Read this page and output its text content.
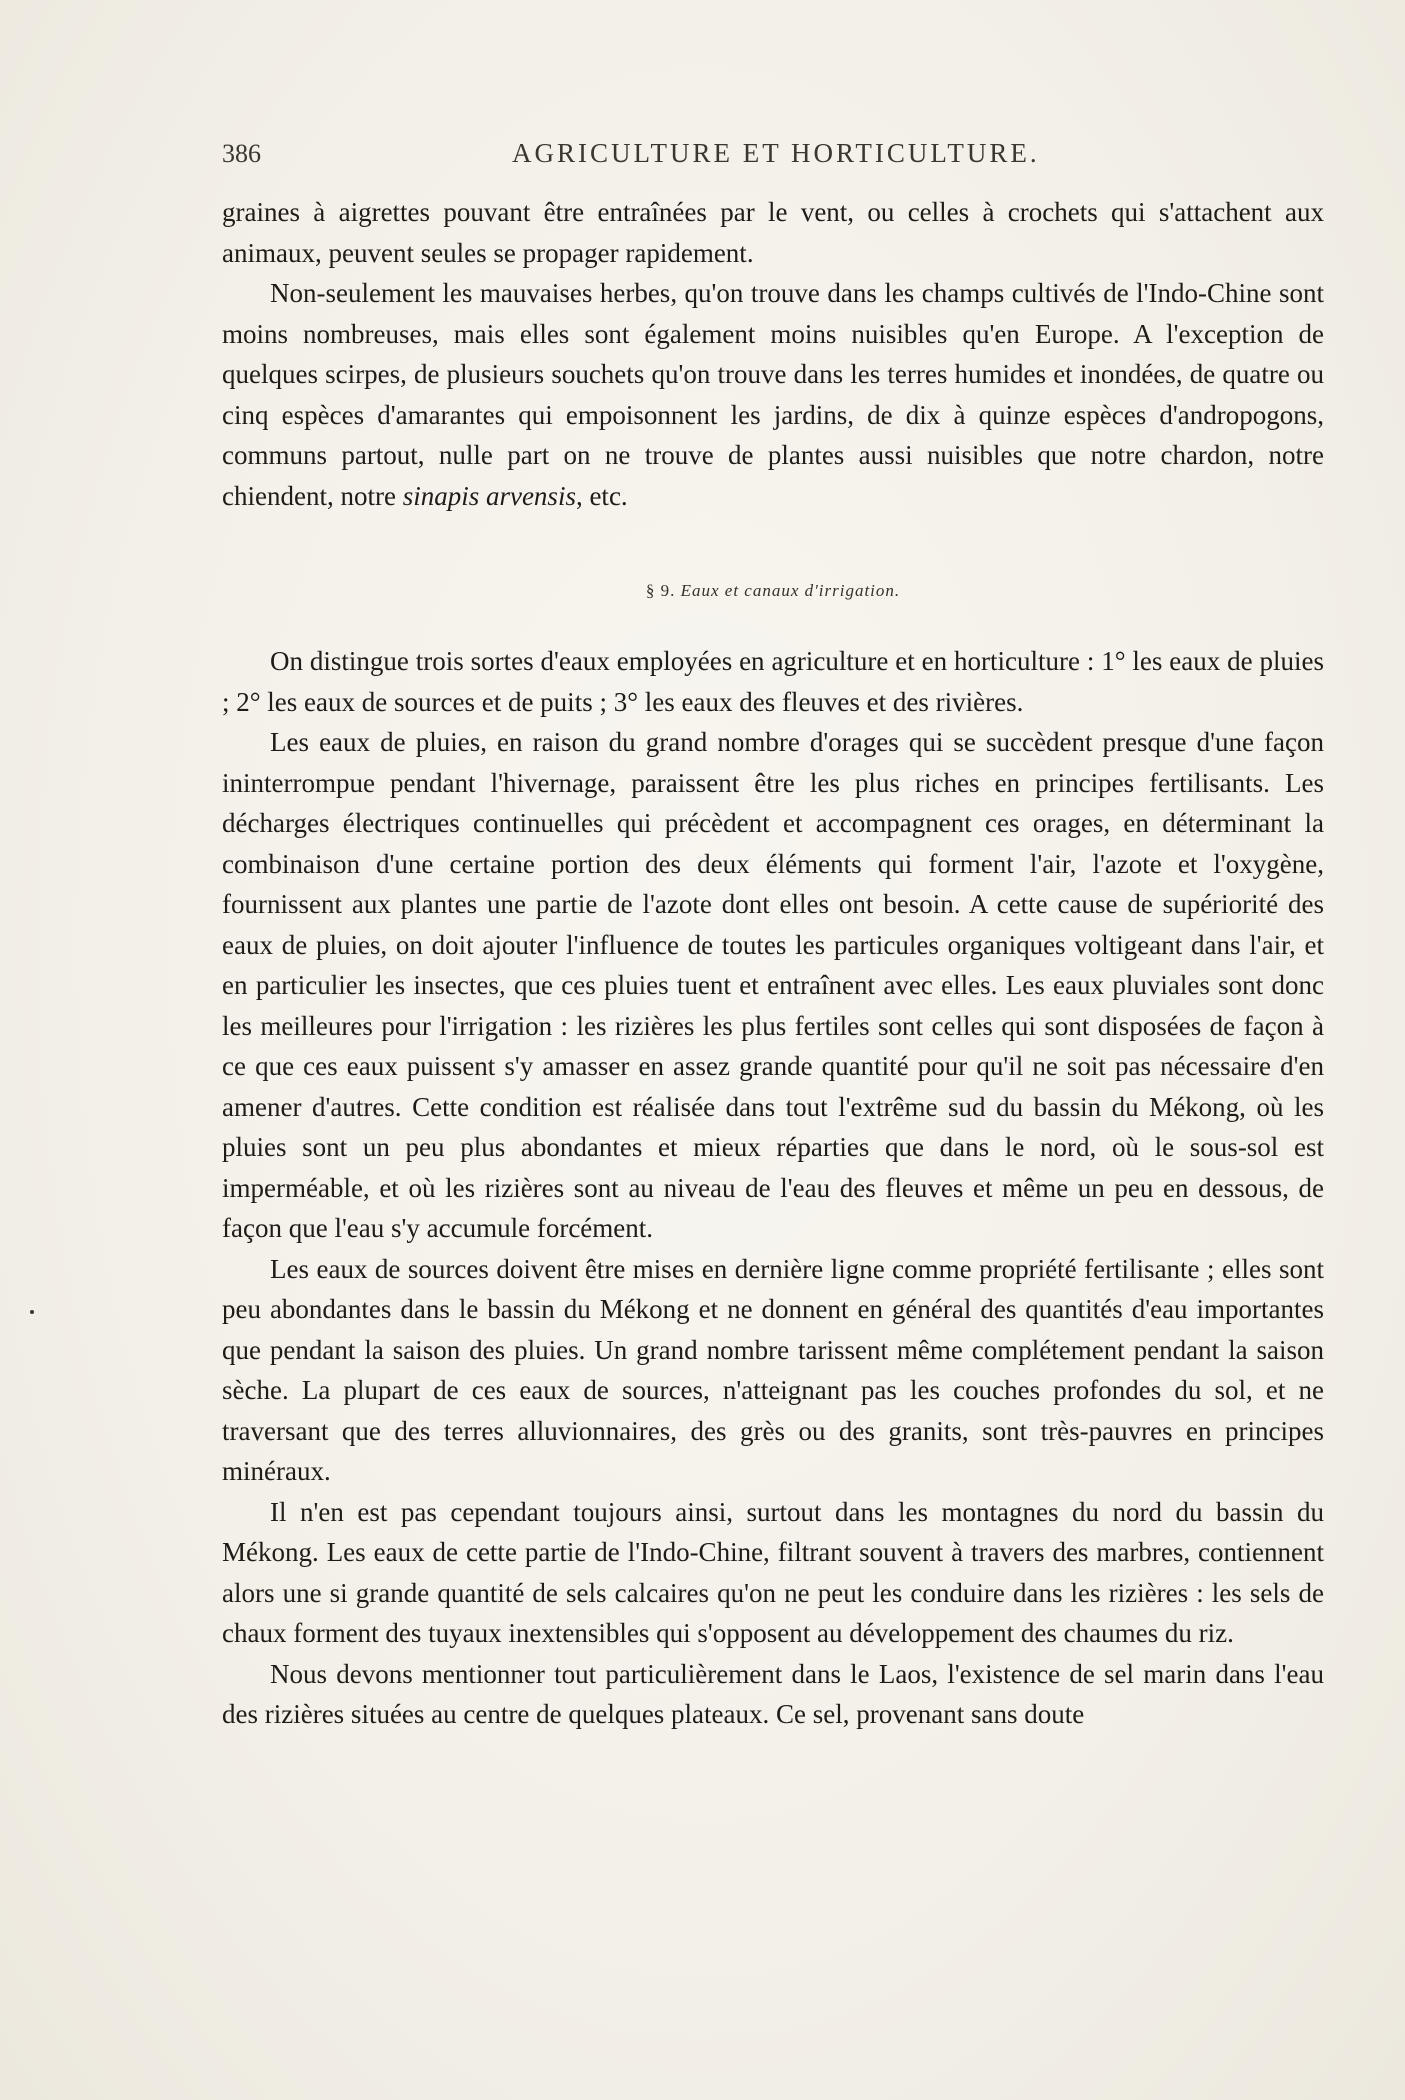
386	AGRICULTURE ET HORTICULTURE.

graines à aigrettes pouvant être entraînées par le vent, ou celles à crochets qui s'attachent aux animaux, peuvent seules se propager rapidement.

Non-seulement les mauvaises herbes, qu'on trouve dans les champs cultivés de l'Indo-Chine sont moins nombreuses, mais elles sont également moins nuisibles qu'en Europe. A l'exception de quelques scirpes, de plusieurs souchets qu'on trouve dans les terres humides et inondées, de quatre ou cinq espèces d'amarantes qui empoisonnent les jardins, de dix à quinze espèces d'andropogons, communs partout, nulle part on ne trouve de plantes aussi nuisibles que notre chardon, notre chiendent, notre sinapis arvensis, etc.

§ 9. Eaux et canaux d'irrigation.

On distingue trois sortes d'eaux employées en agriculture et en horticulture : 1° les eaux de pluies ; 2° les eaux de sources et de puits ; 3° les eaux des fleuves et des rivières.

Les eaux de pluies, en raison du grand nombre d'orages qui se succèdent presque d'une façon ininterrompue pendant l'hivernage, paraissent être les plus riches en principes fertilisants. Les décharges électriques continuelles qui précèdent et accompagnent ces orages, en déterminant la combinaison d'une certaine portion des deux éléments qui forment l'air, l'azote et l'oxygène, fournissent aux plantes une partie de l'azote dont elles ont besoin. A cette cause de supériorité des eaux de pluies, on doit ajouter l'influence de toutes les particules organiques voltigeant dans l'air, et en particulier les insectes, que ces pluies tuent et entraînent avec elles. Les eaux pluviales sont donc les meilleures pour l'irrigation : les rizières les plus fertiles sont celles qui sont disposées de façon à ce que ces eaux puissent s'y amasser en assez grande quantité pour qu'il ne soit pas nécessaire d'en amener d'autres. Cette condition est réalisée dans tout l'extrême sud du bassin du Mékong, où les pluies sont un peu plus abondantes et mieux réparties que dans le nord, où le sous-sol est imperméable, et où les rizières sont au niveau de l'eau des fleuves et même un peu en dessous, de façon que l'eau s'y accumule forcément.

Les eaux de sources doivent être mises en dernière ligne comme propriété fertilisante ; elles sont peu abondantes dans le bassin du Mékong et ne donnent en général des quantités d'eau importantes que pendant la saison des pluies. Un grand nombre tarissent même complétement pendant la saison sèche. La plupart de ces eaux de sources, n'atteignant pas les couches profondes du sol, et ne traversant que des terres alluvionnaires, des grès ou des granits, sont très-pauvres en principes minéraux.

Il n'en est pas cependant toujours ainsi, surtout dans les montagnes du nord du bassin du Mékong. Les eaux de cette partie de l'Indo-Chine, filtrant souvent à travers des marbres, contiennent alors une si grande quantité de sels calcaires qu'on ne peut les conduire dans les rizières : les sels de chaux forment des tuyaux inextensibles qui s'opposent au développement des chaumes du riz.

Nous devons mentionner tout particulièrement dans le Laos, l'existence de sel marin dans l'eau des rizières situées au centre de quelques plateaux. Ce sel, provenant sans doute
